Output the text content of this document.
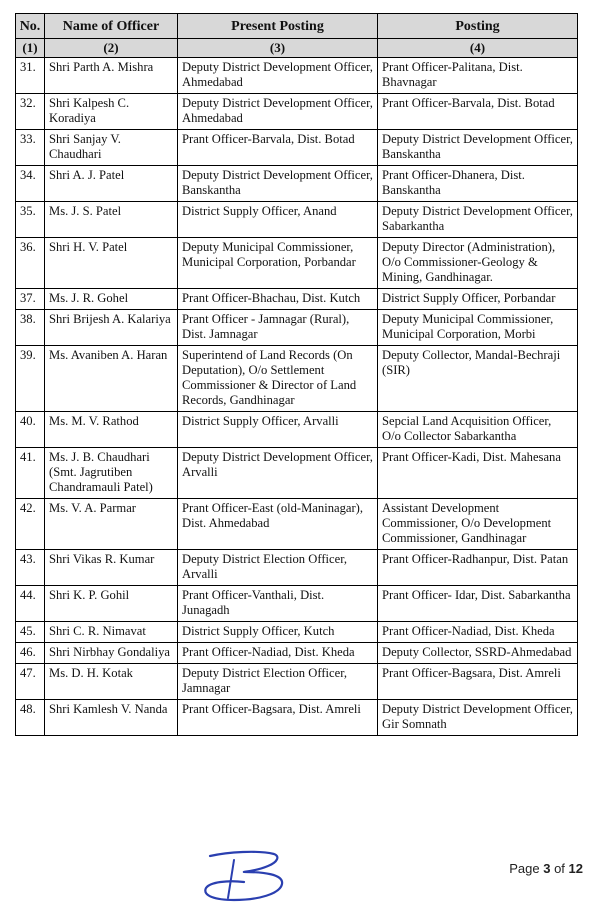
No.	Name of Officer	Present Posting	Posting
(1)	(2)	(3)	(4)
31.	Shri Parth A. Mishra	Deputy District Development Officer, Ahmedabad	Prant Officer-Palitana, Dist. Bhavnagar
32.	Shri Kalpesh C. Koradiya	Deputy District Development Officer, Ahmedabad	Prant Officer-Barvala, Dist. Botad
33.	Shri Sanjay V. Chaudhari	Prant Officer-Barvala, Dist. Botad	Deputy District Development Officer, Banskantha
34.	Shri A. J. Patel	Deputy District Development Officer, Banskantha	Prant Officer-Dhanera, Dist. Banskantha
35.	Ms. J. S. Patel	District Supply Officer, Anand	Deputy District Development Officer, Sabarkantha
36.	Shri H. V. Patel	Deputy Municipal Commissioner, Municipal Corporation, Porbandar	Deputy Director (Administration), O/o Commissioner-Geology & Mining, Gandhinagar.
37.	Ms. J. R. Gohel	Prant Officer-Bhachau, Dist. Kutch	District Supply Officer, Porbandar
38.	Shri Brijesh A. Kalariya	Prant Officer - Jamnagar (Rural), Dist. Jamnagar	Deputy Municipal Commissioner, Municipal Corporation, Morbi
39.	Ms. Avaniben A. Haran	Superintend of Land Records (On Deputation), O/o Settlement Commissioner & Director of Land Records, Gandhinagar	Deputy Collector, Mandal-Bechraji (SIR)
40.	Ms. M. V. Rathod	District Supply Officer, Arvalli	Sepcial Land Acquisition Officer, O/o Collector Sabarkantha
41.	Ms. J. B. Chaudhari (Smt. Jagrutiben Chandramauli Patel)	Deputy District Development Officer, Arvalli	Prant Officer-Kadi, Dist. Mahesana
42.	Ms. V. A. Parmar	Prant Officer-East (old-Maninagar), Dist. Ahmedabad	Assistant Development Commissioner, O/o Development Commissioner, Gandhinagar
43.	Shri Vikas R. Kumar	Deputy District Election Officer, Arvalli	Prant Officer-Radhanpur, Dist. Patan
44.	Shri K. P. Gohil	Prant Officer-Vanthali, Dist. Junagadh	Prant Officer- Idar, Dist. Sabarkantha
45.	Shri C. R. Nimavat	District Supply Officer, Kutch	Prant Officer-Nadiad, Dist. Kheda
46.	Shri Nirbhay Gondaliya	Prant Officer-Nadiad, Dist. Kheda	Deputy Collector, SSRD-Ahmedabad
47.	Ms. D. H. Kotak	Deputy District Election Officer, Jamnagar	Prant Officer-Bagsara, Dist. Amreli
48.	Shri Kamlesh V. Nanda	Prant Officer-Bagsara, Dist. Amreli	Deputy District Development Officer, Gir Somnath
Page 3 of 12
